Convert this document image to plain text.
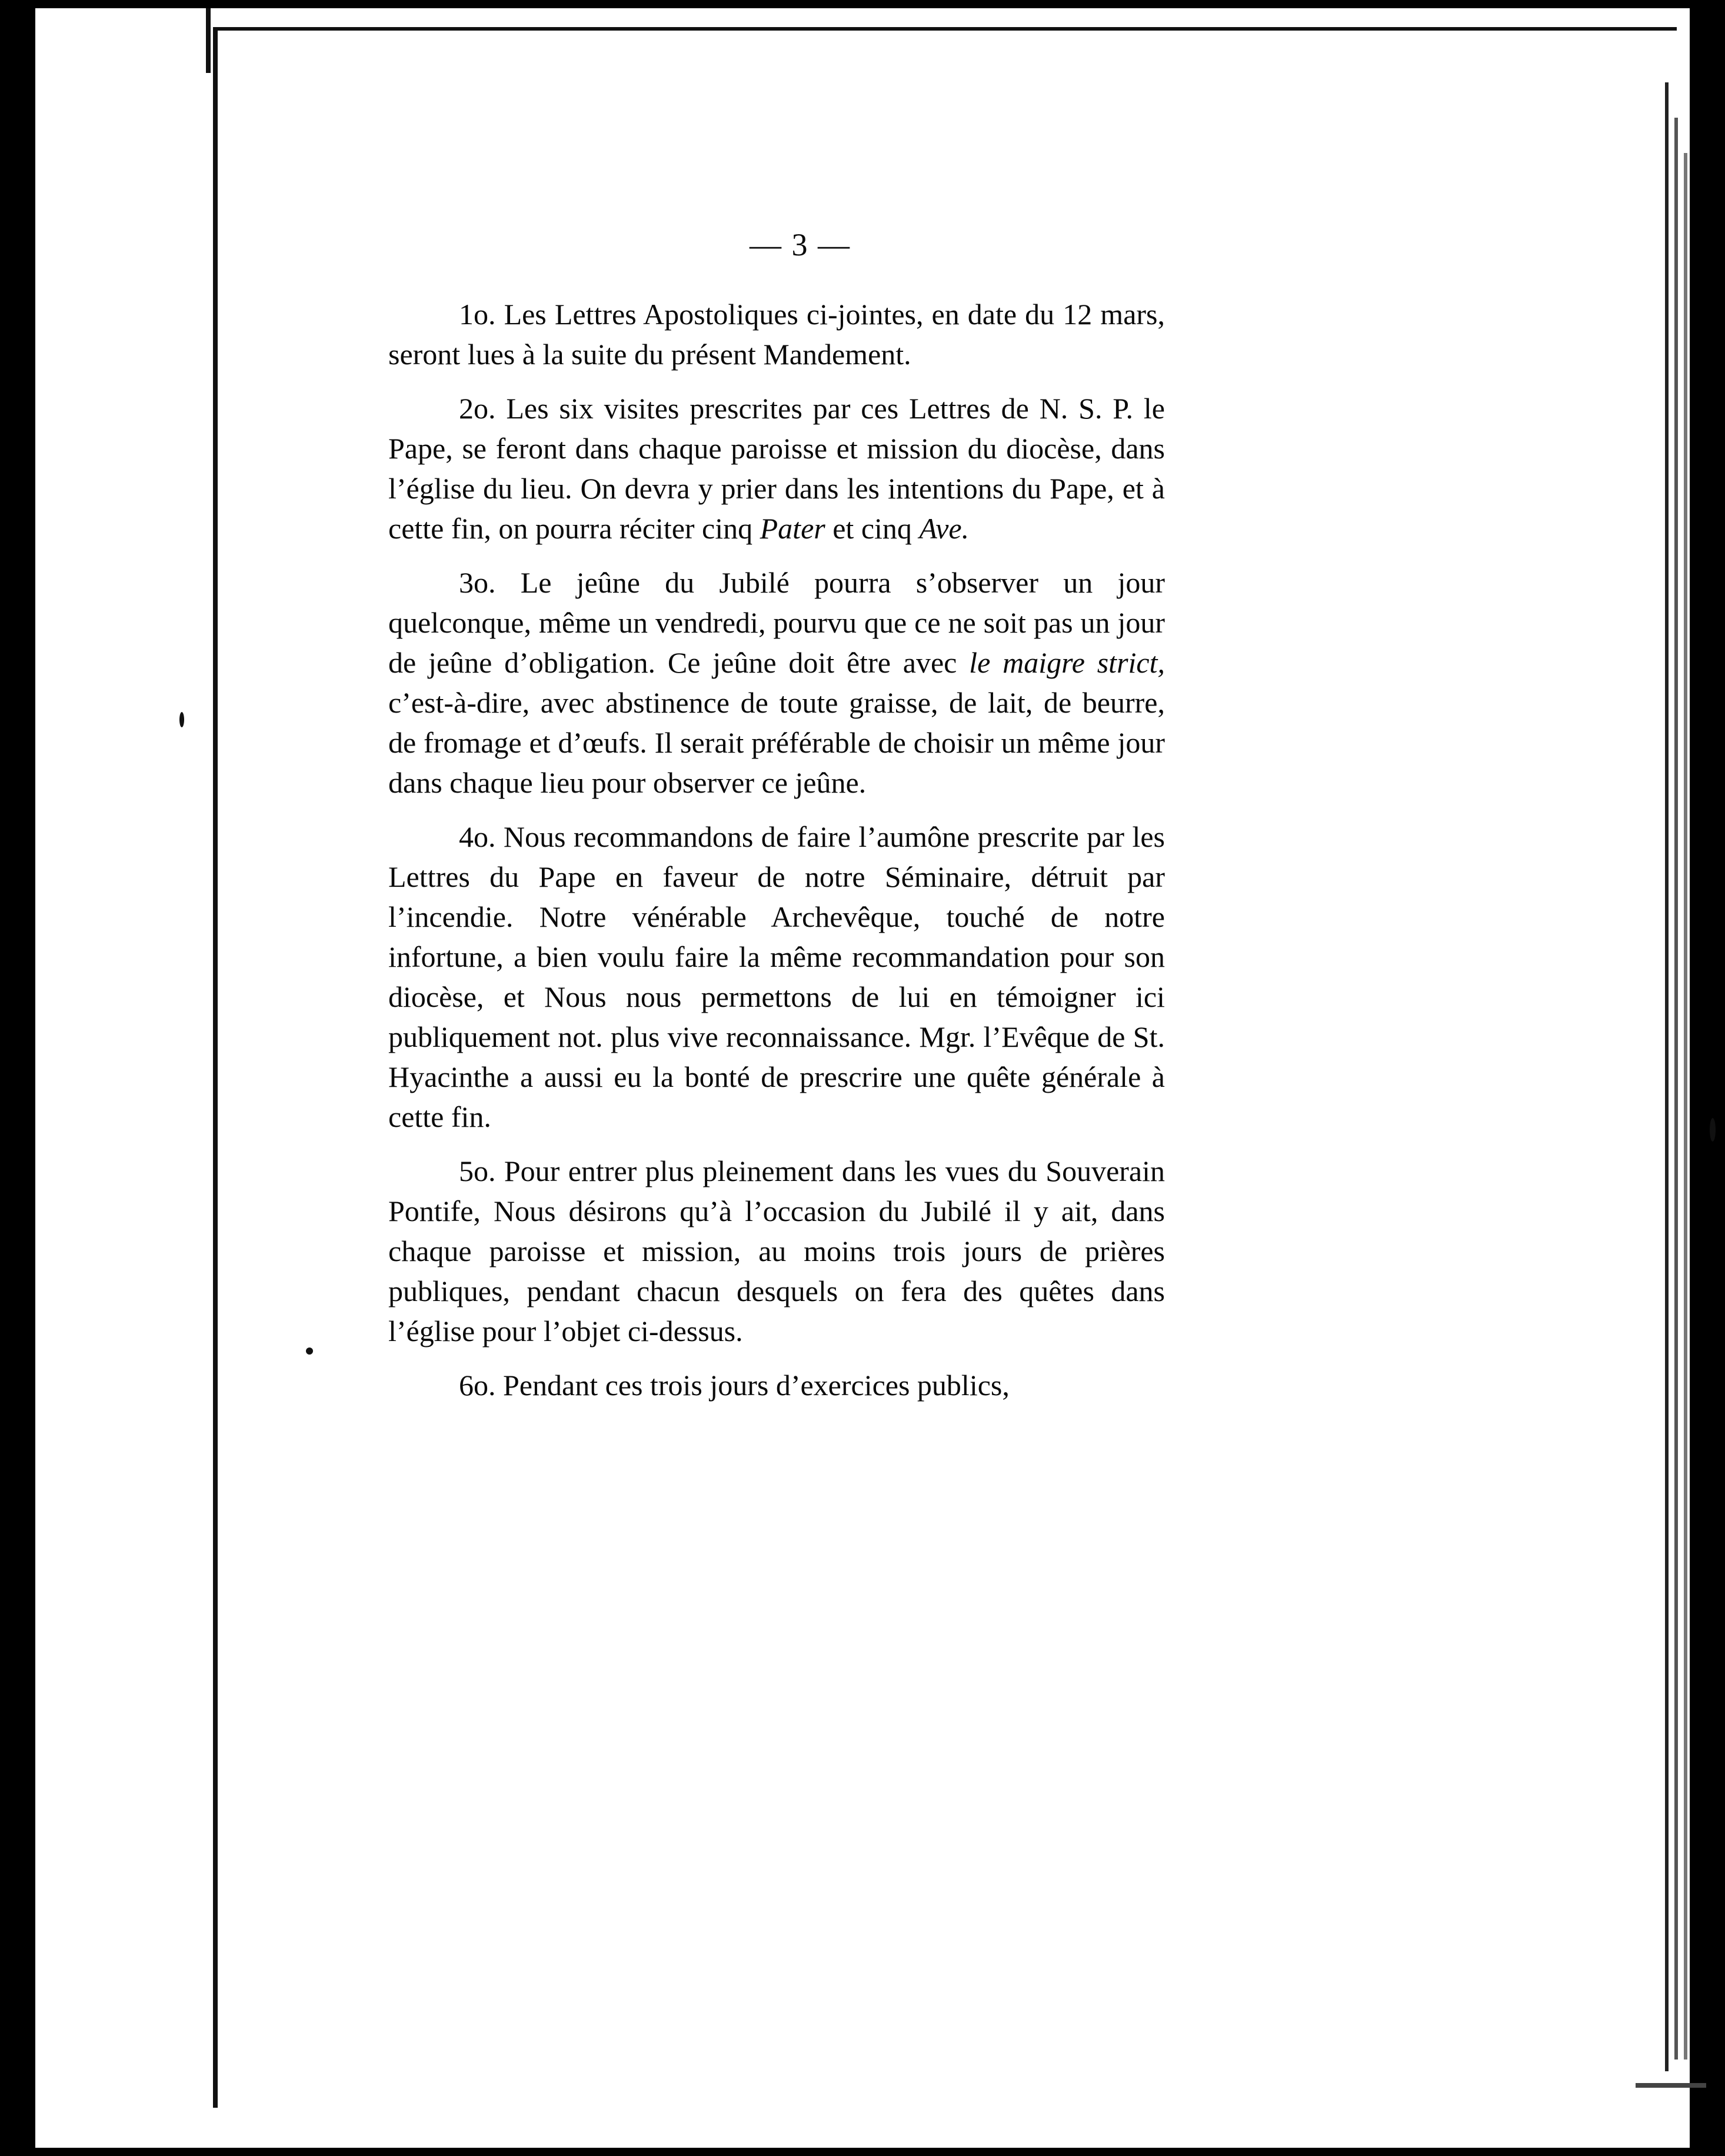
— 3 —

1o. Les Lettres Apostoliques ci-jointes, en date du 12 mars, seront lues à la suite du présent Mandement.

2o. Les six visites prescrites par ces Lettres de N. S. P. le Pape, se feront dans chaque paroisse et mission du diocèse, dans l’église du lieu. On devra y prier dans les intentions du Pape, et à cette fin, on pourra réciter cinq Pater et cinq Ave.

3o. Le jeûne du Jubilé pourra s’observer un jour quelconque, même un vendredi, pourvu que ce ne soit pas un jour de jeûne d’obligation. Ce jeûne doit être avec le maigre strict, c’est-à-dire, avec abstinence de toute graisse, de lait, de beurre, de fromage et d’œufs. Il serait préférable de choisir un même jour dans chaque lieu pour observer ce jeûne.

4o. Nous recommandons de faire l’aumône prescrite par les Lettres du Pape en faveur de notre Séminaire, détruit par l’incendie. Notre vénérable Archevêque, touché de notre infortune, a bien voulu faire la même recommandation pour son diocèse, et Nous nous permettons de lui en témoigner ici publiquement not. plus vive reconnaissance. Mgr. l’Evêque de St. Hyacinthe a aussi eu la bonté de prescrire une quête générale à cette fin.

5o. Pour entrer plus pleinement dans les vues du Souverain Pontife, Nous désirons qu’à l’occasion du Jubilé il y ait, dans chaque paroisse et mission, au moins trois jours de prières publiques, pendant chacun desquels on fera des quêtes dans l’église pour l’objet ci-dessus.

6o. Pendant ces trois jours d’exercices publics,
